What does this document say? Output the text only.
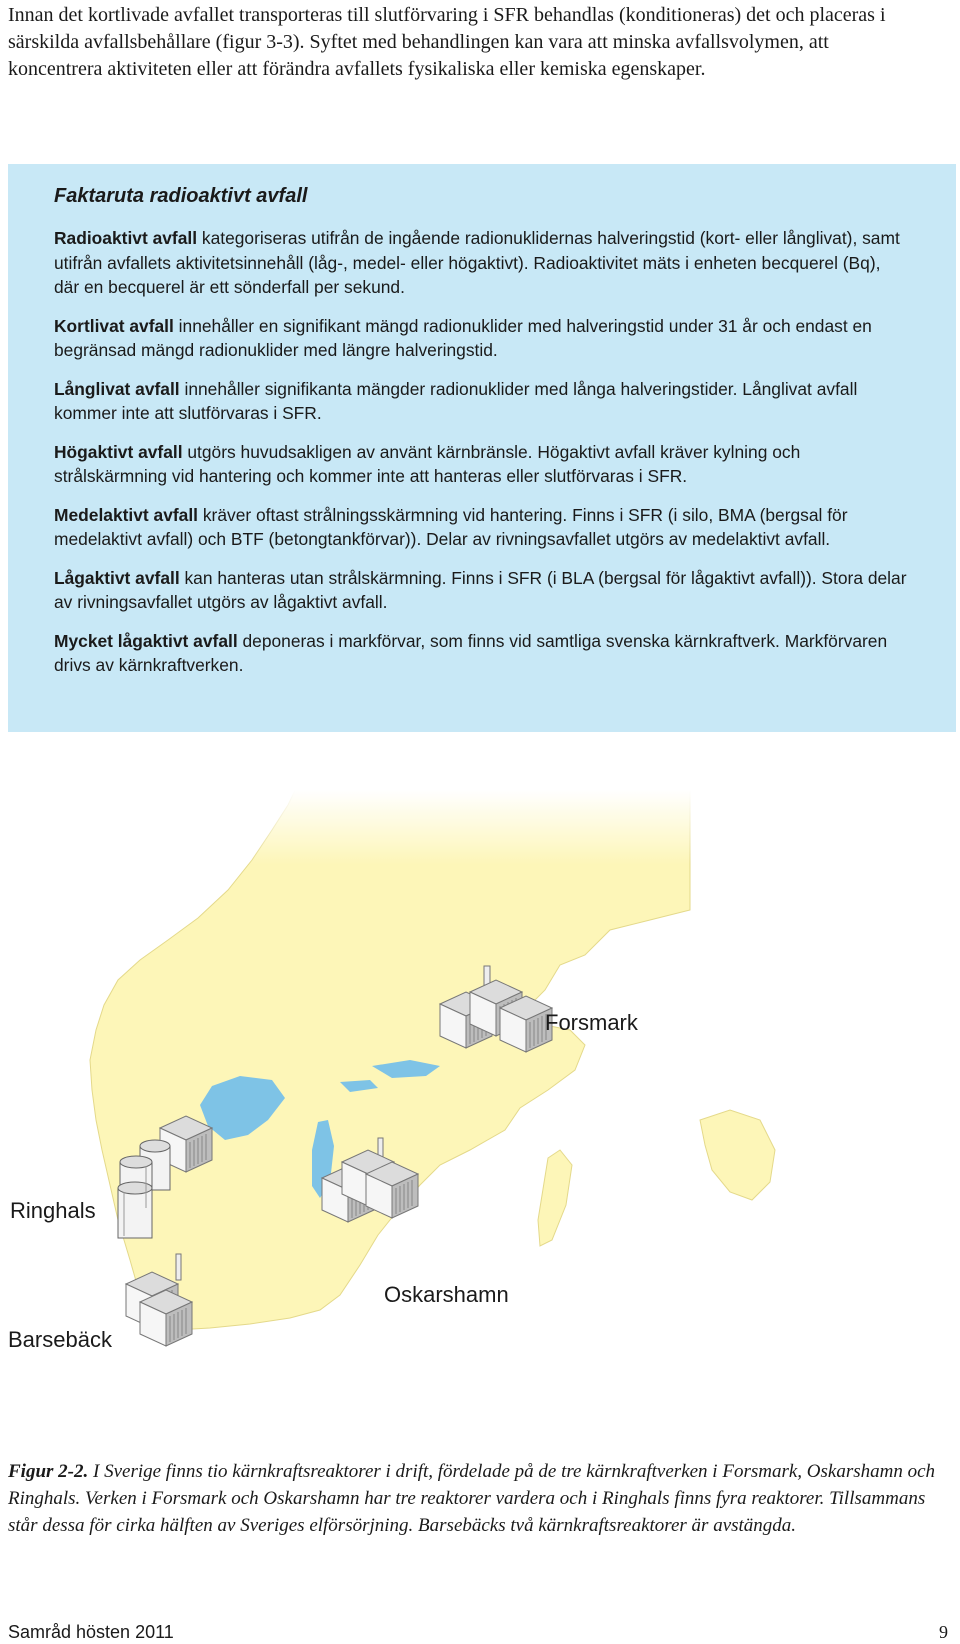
Innan det kortlivade avfallet transporteras till slutförvaring i SFR behandlas (konditioneras) det och placeras i särskilda avfallsbehållare (figur 3-3). Syftet med behandlingen kan vara att minska avfallsvolymen, att koncentrera aktiviteten eller att förändra avfallets fysikaliska eller kemiska egenskaper.

Faktaruta radioaktivt avfall

Radioaktivt avfall kategoriseras utifrån de ingående radionuklidernas halveringstid (kort- eller långlivat), samt utifrån avfallets aktivitetsinnehåll (låg-, medel- eller högaktivt). Radioaktivitet mäts i enheten becquerel (Bq), där en becquerel är ett sönderfall per sekund.

Kortlivat avfall innehåller en signifikant mängd radionuklider med halveringstid under 31 år och endast en begränsad mängd radionuklider med längre halveringstid.

Långlivat avfall innehåller signifikanta mängder radionuklider med långa halveringstider. Långlivat avfall kommer inte att slutförvaras i SFR.

Högaktivt avfall utgörs huvudsakligen av använt kärnbränsle. Högaktivt avfall kräver kylning och strålskärmning vid hantering och kommer inte att hanteras eller slutförvaras i SFR.

Medelaktivt avfall kräver oftast strålningsskärmning vid hantering. Finns i SFR (i silo, BMA (bergsal för medelaktivt avfall) och BTF (betongtankförvar)). Delar av rivningsavfallet utgörs av medelaktivt avfall.

Lågaktivt avfall kan hanteras utan strålskärmning. Finns i SFR (i BLA (bergsal för lågaktivt avfall)). Stora delar av rivningsavfallet utgörs av lågaktivt avfall.

Mycket lågaktivt avfall deponeras i markförvar, som finns vid samtliga svenska kärnkraftverk. Markförvaren drivs av kärnkraftverken.

Forsmark
Ringhals
Oskarshamn
Barsebäck

Figur 2-2. I Sverige finns tio kärnkraftsreaktorer i drift, fördelade på de tre kärnkraftverken i Forsmark, Oskarshamn och Ringhals. Verken i Forsmark och Oskarshamn har tre reaktorer vardera och i Ringhals finns fyra reaktorer. Tillsammans står dessa för cirka hälften av Sveriges elförsörjning. Barsebäcks två kärnkraftsreaktorer är avstängda.

Samråd hösten 2011	9
